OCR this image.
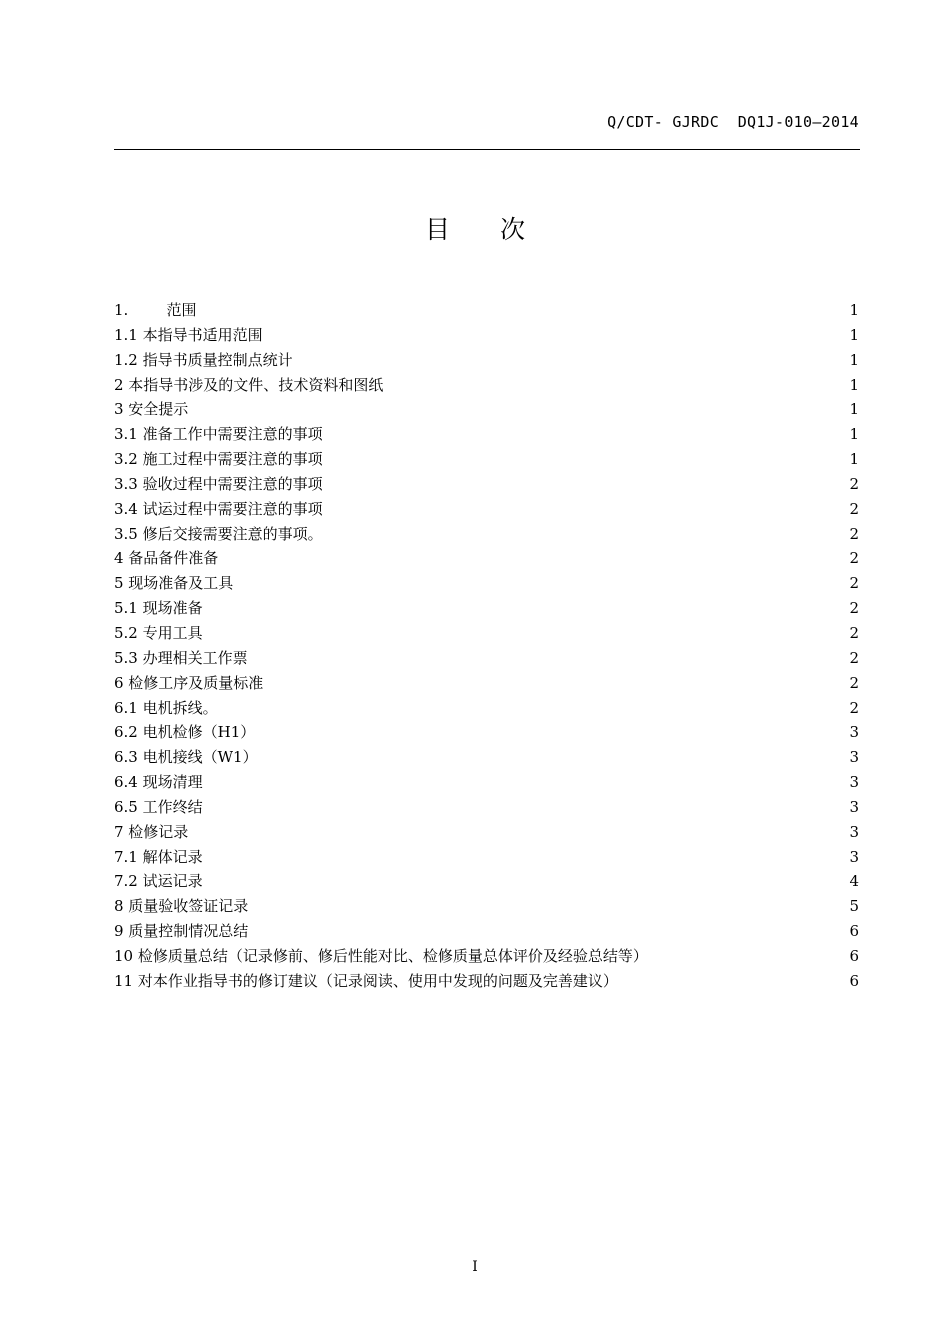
Q/CDT- GJRDC  DQ1J-010—2014
目次
1.        范围	1
1.1 本指导书适用范围	1
1.2 指导书质量控制点统计	1
2 本指导书涉及的文件、技术资料和图纸	1
3 安全提示	1
3.1 准备工作中需要注意的事项	1
3.2 施工过程中需要注意的事项	1
3.3 验收过程中需要注意的事项	2
3.4 试运过程中需要注意的事项	2
3.5 修后交接需要注意的事项。	2
4 备品备件准备	2
5 现场准备及工具	2
5.1 现场准备	2
5.2 专用工具	2
5.3 办理相关工作票	2
6 检修工序及质量标准	2
6.1 电机拆线。	2
6.2 电机检修（H1）	3
6.3 电机接线（W1）	3
6.4 现场清理	3
6.5 工作终结	3
7 检修记录	3
7.1 解体记录	3
7.2 试运记录	4
8 质量验收签证记录	5
9 质量控制情况总结	6
10 检修质量总结（记录修前、修后性能对比、检修质量总体评价及经验总结等）	6
11 对本作业指导书的修订建议（记录阅读、使用中发现的问题及完善建议）	6
I
